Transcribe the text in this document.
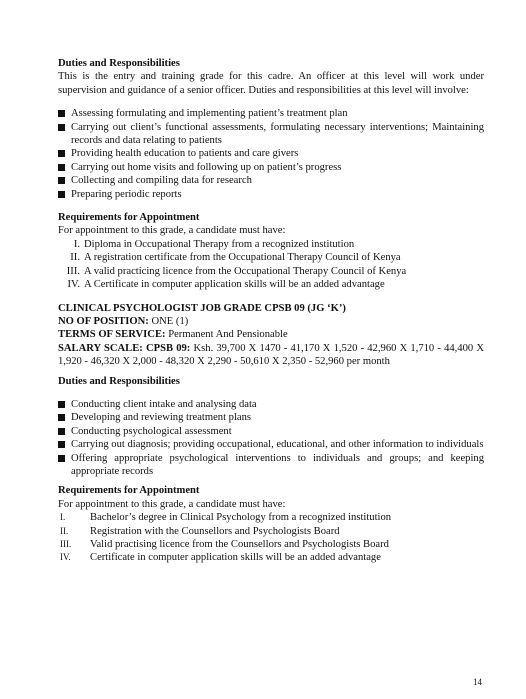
Duties and Responsibilities

This is the entry and training grade for this cadre. An officer at this level will work under supervision and guidance of a senior officer. Duties and responsibilities at this level will involve:

Assessing formulating and implementing patient’s treatment plan
Carrying out client’s functional assessments, formulating necessary interventions; Maintaining records and data relating to patients
Providing health education to patients and care givers
Carrying out home visits and following up on patient’s progress
Collecting and compiling data for research
Preparing periodic reports

Requirements for Appointment

For appointment to this grade, a candidate must have:

I. Diploma in Occupational Therapy from a recognized institution
II. A registration certificate from the Occupational Therapy Council of Kenya
III. A valid practicing licence from the Occupational Therapy Council of Kenya
IV. A Certificate in computer application skills will be an added advantage

CLINICAL PSYCHOLOGIST JOB GRADE CPSB 09 (JG ‘K’)

NO OF POSITION: ONE (1)

TERMS OF SERVICE: Permanent And Pensionable

SALARY SCALE: CPSB 09: Ksh. 39,700 X 1470 - 41,170 X 1,520 - 42,960 X 1,710 - 44,400 X 1,920 - 46,320 X 2,000 - 48,320 X 2,290 - 50,610 X 2,350 - 52,960 per month

Duties and Responsibilities

Conducting client intake and analysing data
Developing and reviewing treatment plans
Conducting psychological assessment
Carrying out diagnosis; providing occupational, educational, and other information to individuals
Offering appropriate psychological interventions to individuals and groups; and keeping appropriate records

Requirements for Appointment

For appointment to this grade, a candidate must have:

I.	Bachelor’s degree in Clinical Psychology from a recognized institution
II.	Registration with the Counsellors and Psychologists Board
III.	Valid practising licence from the Counsellors and Psychologists Board
IV.	Certificate in computer application skills will be an added advantage
14
